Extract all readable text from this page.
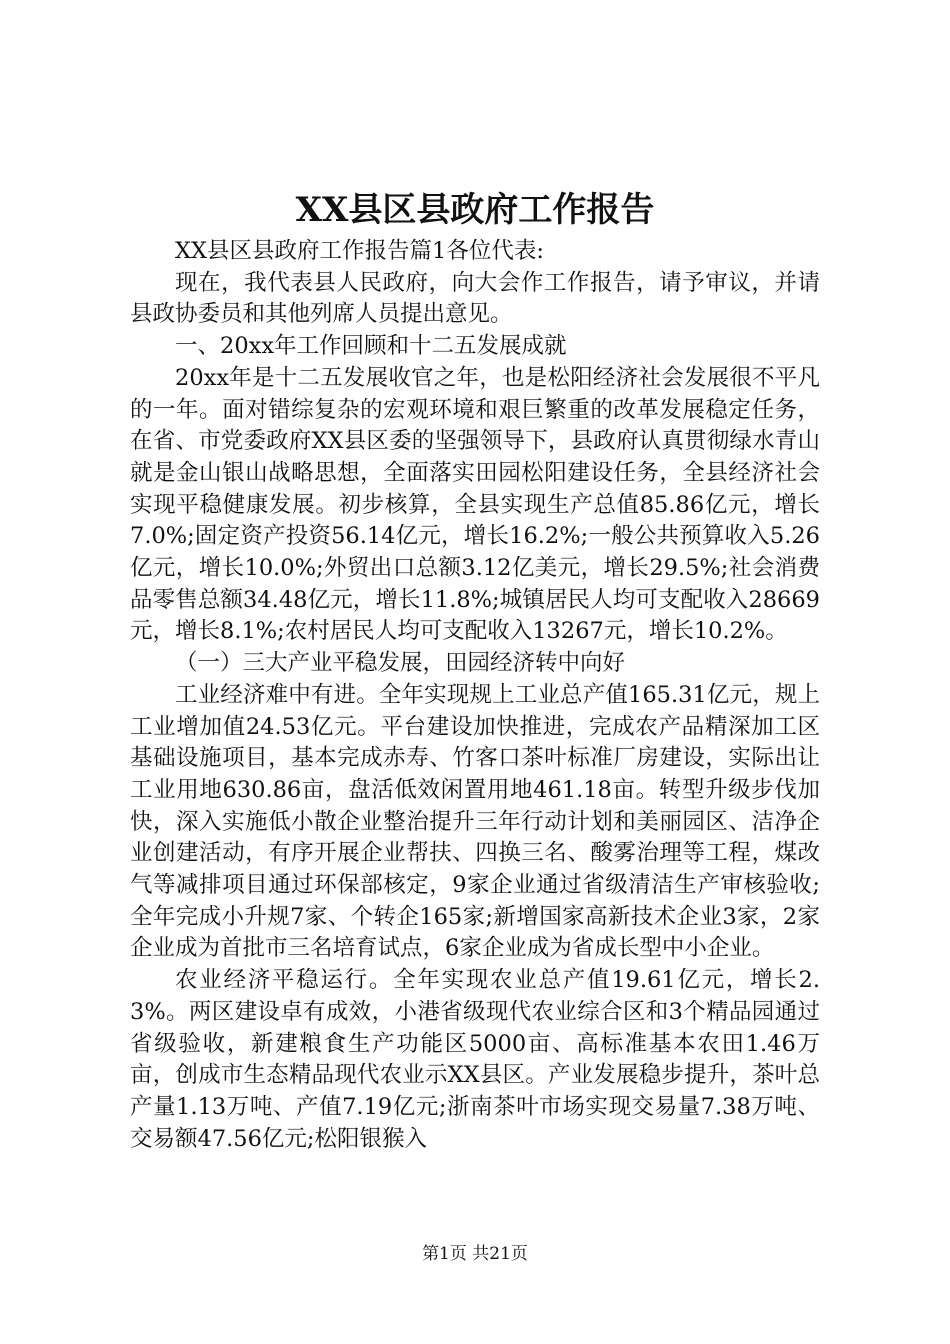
XX县区县政府工作报告

XX县区县政府工作报告篇1各位代表:

现在，我代表县人民政府，向大会作工作报告，请予审议，并请县政协委员和其他列席人员提出意见。

一、20xx年工作回顾和十二五发展成就

20xx年是十二五发展收官之年，也是松阳经济社会发展很不平凡的一年。面对错综复杂的宏观环境和艰巨繁重的改革发展稳定任务，在省、市党委政府XX县区委的坚强领导下，县政府认真贯彻绿水青山就是金山银山战略思想，全面落实田园松阳建设任务，全县经济社会实现平稳健康发展。初步核算，全县实现生产总值85.86亿元，增长7.0%;固定资产投资56.14亿元，增长16.2%;一般公共预算收入5.26亿元，增长10.0%;外贸出口总额3.12亿美元，增长29.5%;社会消费品零售总额34.48亿元，增长11.8%;城镇居民人均可支配收入28669元，增长8.1%;农村居民人均可支配收入13267元，增长10.2%。

（一）三大产业平稳发展，田园经济转中向好

工业经济难中有进。全年实现规上工业总产值165.31亿元，规上工业增加值24.53亿元。平台建设加快推进，完成农产品精深加工区基础设施项目，基本完成赤寿、竹客口茶叶标准厂房建设，实际出让工业用地630.86亩，盘活低效闲置用地461.18亩。转型升级步伐加快，深入实施低小散企业整治提升三年行动计划和美丽园区、洁净企业创建活动，有序开展企业帮扶、四换三名、酸雾治理等工程，煤改气等减排项目通过环保部核定，9家企业通过省级清洁生产审核验收;全年完成小升规7家、个转企165家;新增国家高新技术企业3家，2家企业成为首批市三名培育试点，6家企业成为省成长型中小企业。

农业经济平稳运行。全年实现农业总产值19.61亿元，增长2.3%。两区建设卓有成效，小港省级现代农业综合区和3个精品园通过省级验收，新建粮食生产功能区5000亩、高标准基本农田1.46万亩，创成市生态精品现代农业示XX县区。产业发展稳步提升，茶叶总产量1.13万吨、产值7.19亿元;浙南茶叶市场实现交易量7.38万吨、交易额47.56亿元;松阳银猴入

第1页 共21页
